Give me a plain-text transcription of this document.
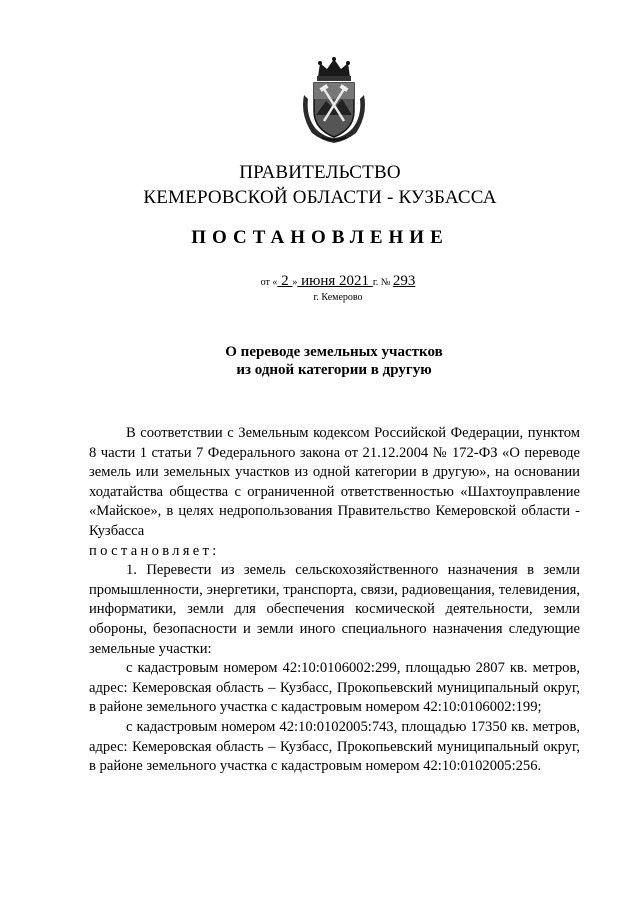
ПРАВИТЕЛЬСТВО
КЕМЕРОВСКОЙ ОБЛАСТИ - КУЗБАССА
ПОСТАНОВЛЕНИЕ
от « 2 » июня 2021 г. № 293
г. Кемерово
О переводе земельных участков
из одной категории в другую

В соответствии с Земельным кодексом Российской Федерации, пунктом 8 части 1 статьи 7 Федерального закона от 21.12.2004 № 172-ФЗ «О переводе земель или земельных участков из одной категории в другую», на основании ходатайства общества с ограниченной ответственностью «Шахтоуправление «Майское», в целях недропользования Правительство Кемеровской области - Кузбасса

постановляет:

1. Перевести из земель сельскохозяйственного назначения в земли промышленности, энергетики, транспорта, связи, радиовещания, телевидения, информатики, земли для обеспечения космической деятельности, земли обороны, безопасности и земли иного специального назначения следующие земельные участки:

с кадастровым номером 42:10:0106002:299, площадью 2807 кв. метров, адрес: Кемеровская область – Кузбасс, Прокопьевский муниципальный округ, в районе земельного участка с кадастровым номером 42:10:0106002:199;

с кадастровым номером 42:10:0102005:743, площадью 17350 кв. метров, адрес: Кемеровская область – Кузбасс, Прокопьевский муниципальный округ, в районе земельного участка с кадастровым номером 42:10:0102005:256.
